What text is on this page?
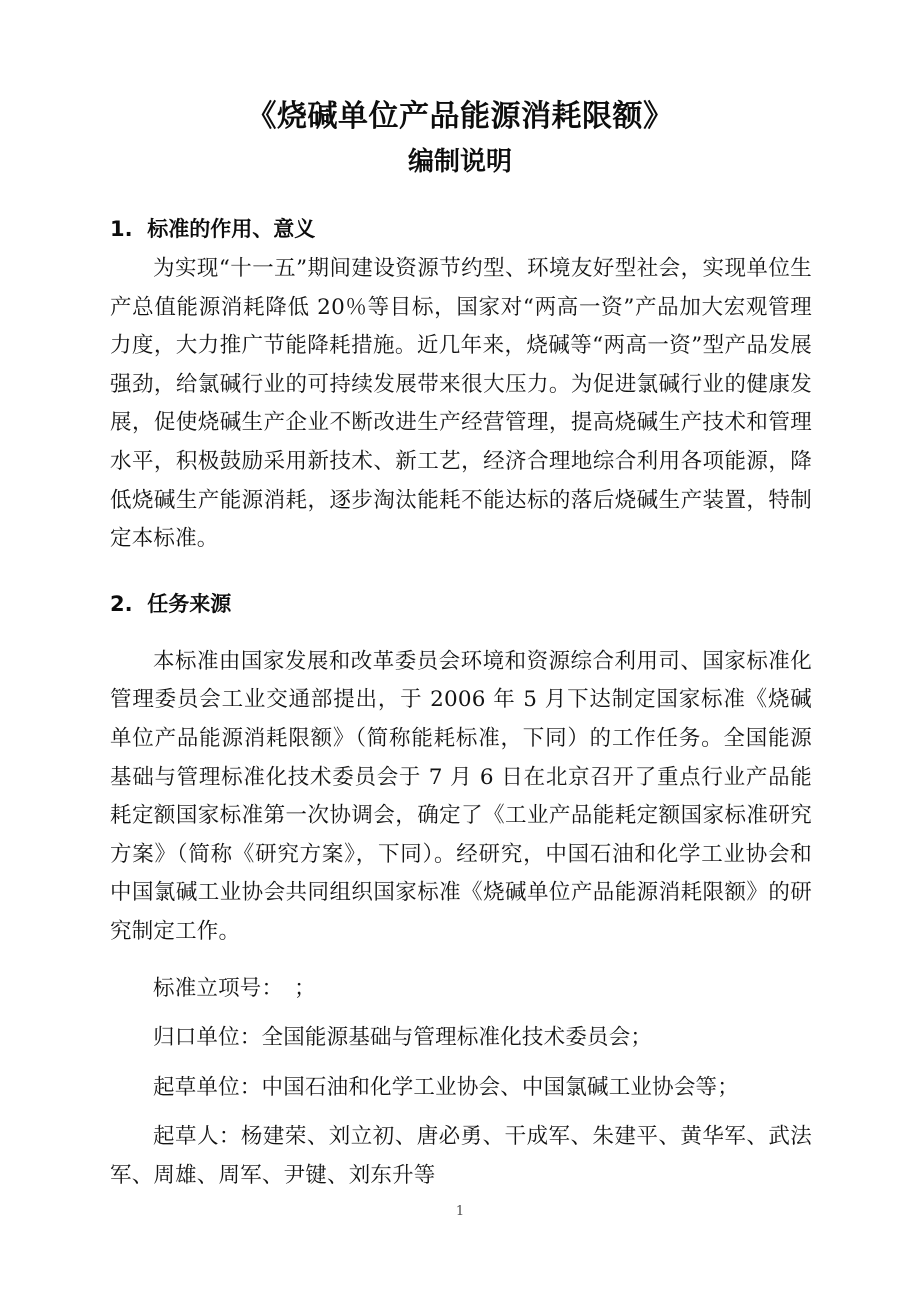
《烧碱单位产品能源消耗限额》
编制说明
1. 标准的作用、意义
为实现“十一五”期间建设资源节约型、环境友好型社会，实现单位生产总值能源消耗降低 20％等目标，国家对“两高一资”产品加大宏观管理力度，大力推广节能降耗措施。近几年来，烧碱等“两高一资”型产品发展强劲，给氯碱行业的可持续发展带来很大压力。为促进氯碱行业的健康发展，促使烧碱生产企业不断改进生产经营管理，提高烧碱生产技术和管理水平，积极鼓励采用新技术、新工艺，经济合理地综合利用各项能源，降低烧碱生产能源消耗，逐步淘汰能耗不能达标的落后烧碱生产装置，特制定本标准。
2. 任务来源
本标准由国家发展和改革委员会环境和资源综合利用司、国家标准化管理委员会工业交通部提出，于 2006 年 5 月下达制定国家标准《烧碱单位产品能源消耗限额》（简称能耗标准，下同）的工作任务。全国能源基础与管理标准化技术委员会于 7 月 6 日在北京召开了重点行业产品能耗定额国家标准第一次协调会，确定了《工业产品能耗定额国家标准研究方案》（简称《研究方案》，下同）。经研究，中国石油和化学工业协会和中国氯碱工业协会共同组织国家标准《烧碱单位产品能源消耗限额》的研究制定工作。
标准立项号：　；
归口单位：全国能源基础与管理标准化技术委员会；
起草单位：中国石油和化学工业协会、中国氯碱工业协会等；
起草人：杨建荣、刘立初、唐必勇、干成军、朱建平、黄华军、武法军、周雄、周军、尹键、刘东升等
1
